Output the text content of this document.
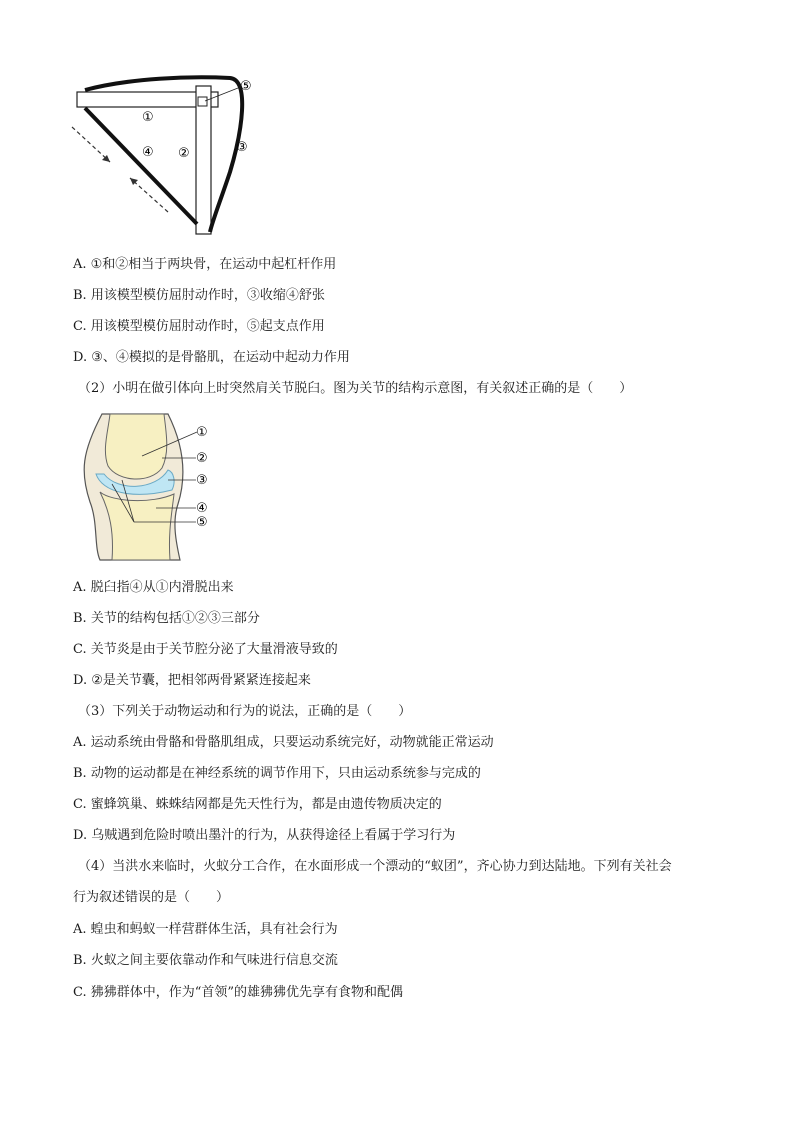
①
②	③
④
⑤
A. ①和②相当于两块骨，在运动中起杠杆作用
B. 用该模型模仿屈肘动作时，③收缩④舒张
C. 用该模型模仿屈肘动作时，⑤起支点作用
D. ③、④模拟的是骨骼肌，在运动中起动力作用
（2）小明在做引体向上时突然肩关节脱臼。图为关节的结构示意图，有关叙述正确的是（　　）
①
②
③
④
⑤
A. 脱臼指④从①内滑脱出来
B. 关节的结构包括①②③三部分
C. 关节炎是由于关节腔分泌了大量滑液导致的
D. ②是关节囊，把相邻两骨紧紧连接起来
（3）下列关于动物运动和行为的说法，正确的是（　　）
A. 运动系统由骨骼和骨骼肌组成，只要运动系统完好，动物就能正常运动
B. 动物的运动都是在神经系统的调节作用下，只由运动系统参与完成的
C. 蜜蜂筑巢、蛛蛛结网都是先天性行为，都是由遗传物质决定的
D. 乌贼遇到危险时喷出墨汁的行为，从获得途径上看属于学习行为
（4）当洪水来临时，火蚁分工合作，在水面形成一个漂动的“蚁团”，齐心协力到达陆地。下列有关社会
行为叙述错误的是（　　）
A. 蝗虫和蚂蚁一样营群体生活，具有社会行为
B. 火蚁之间主要依靠动作和气味进行信息交流
C. 狒狒群体中，作为“首领”的雄狒狒优先享有食物和配偶
